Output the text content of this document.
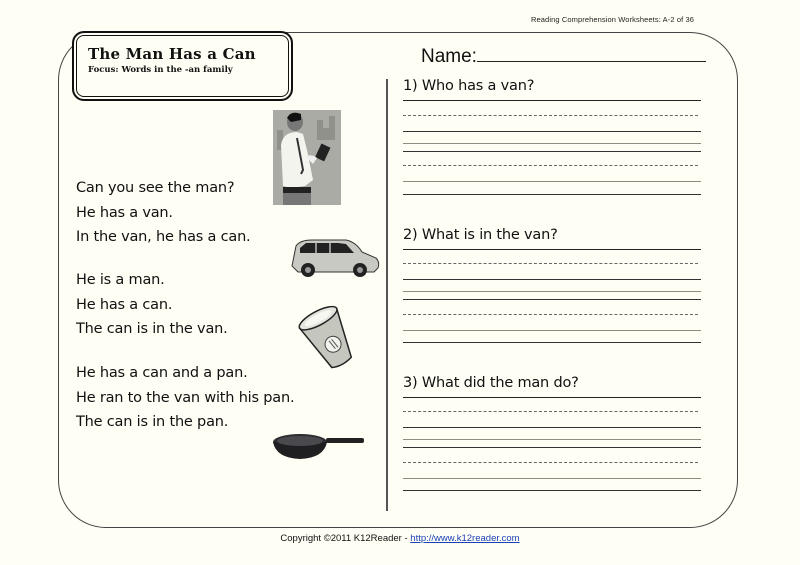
Reading Comprehension Worksheets: A-2 of 36
The Man Has a Can
Focus: Words in the -an family

Can you see the man?

He has a van.

In the van, he has a can.

He is a man.

He has a can.

The can is in the van.

He has a can and a pan.

He ran to the van with his pan.

The can is in the pan.

Name:
1) Who has a van?
2) What is in the van?
3) What did the man do?
Copyright ©2011 K12Reader - http://www.k12reader.com
